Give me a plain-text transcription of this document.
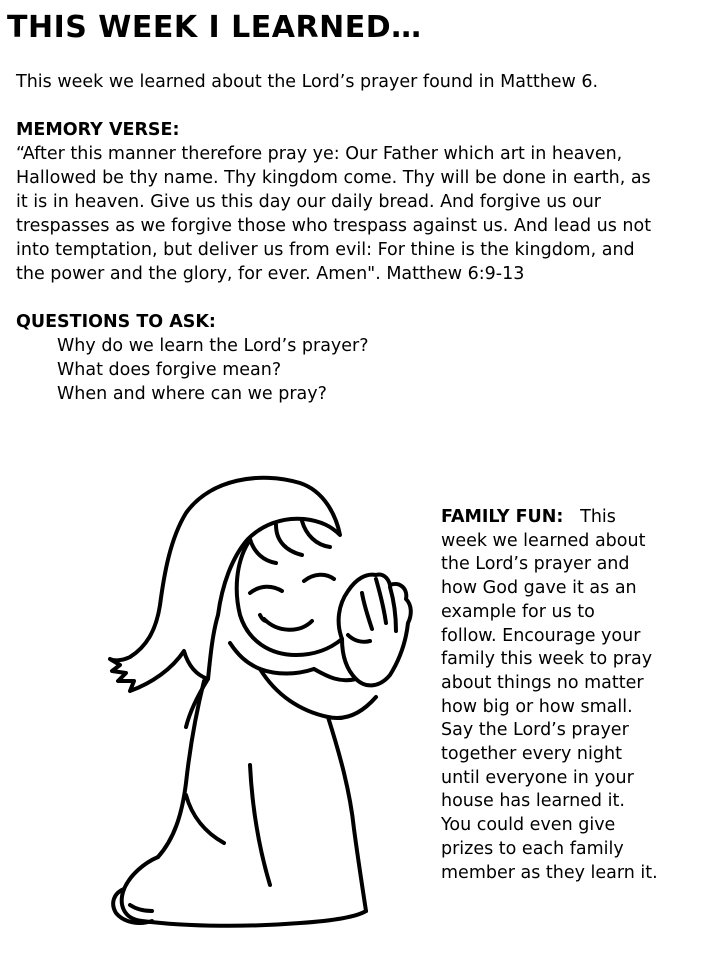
THIS WEEK I LEARNED…

This week we learned about the Lord’s prayer found in Matthew 6.

MEMORY VERSE:

“After this manner therefore pray ye: Our Father which art in heaven,

Hallowed be thy name. Thy kingdom come. Thy will be done in earth, as

it is in heaven. Give us this day our daily bread. And forgive us our

trespasses as we forgive those who trespass against us. And lead us not

into temptation, but deliver us from evil: For thine is the kingdom, and

the power and the glory, for ever. Amen". Matthew 6:9-13

QUESTIONS TO ASK:

Why do we learn the Lord’s prayer?

What does forgive mean?

When and where can we pray?

FAMILY FUN: This
week we learned about
the Lord’s prayer and
how God gave it as an
example for us to
follow. Encourage your
family this week to pray
about things no matter
how big or how small.
Say the Lord’s prayer
together every night
until everyone in your
house has learned it.
You could even give
prizes to each family
member as they learn it.
